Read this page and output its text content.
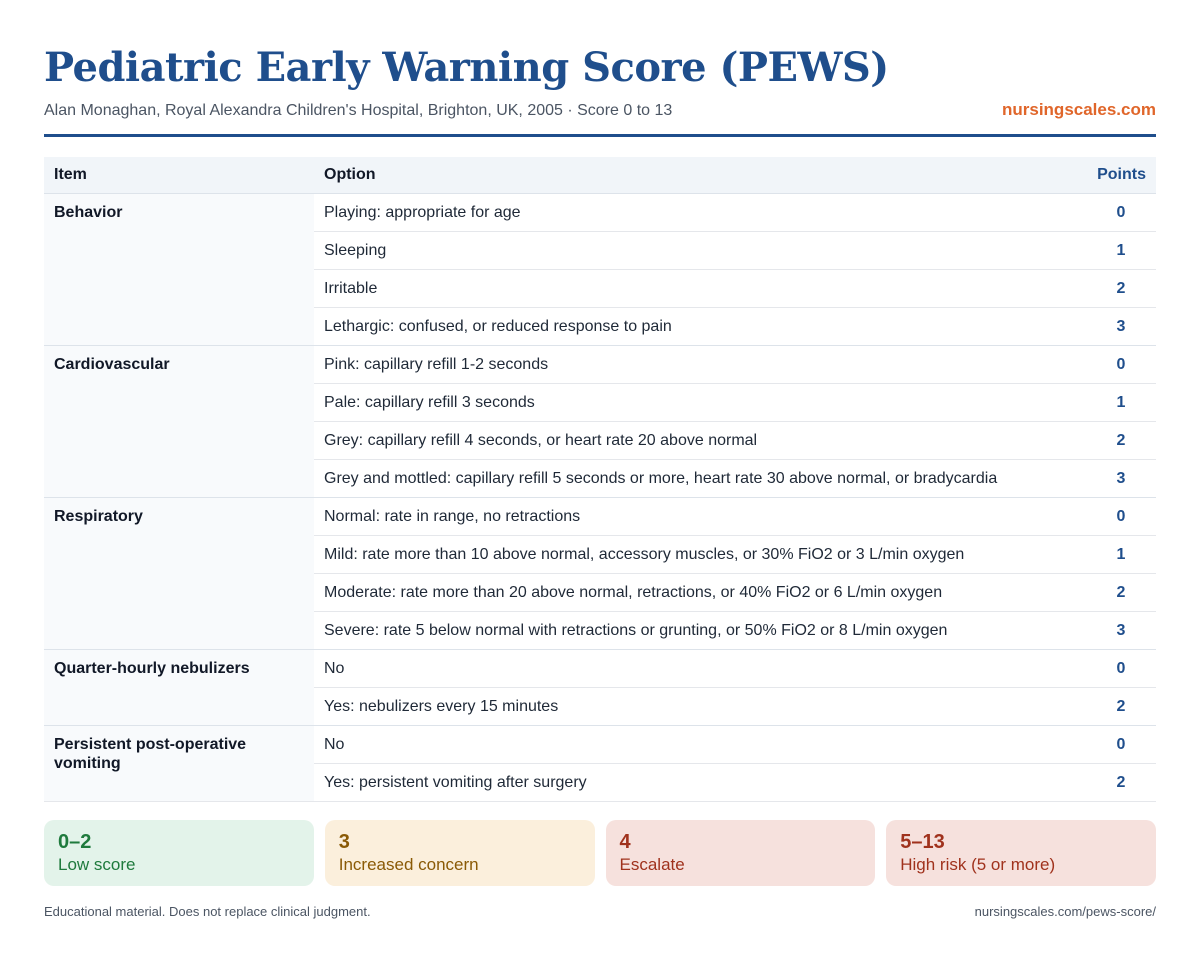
Pediatric Early Warning Score (PEWS)
Alan Monaghan, Royal Alexandra Children's Hospital, Brighton, UK, 2005 · Score 0 to 13	nursingscales.com
Item	Option	Points
Behavior	Playing: appropriate for age	0
	Sleeping	1
	Irritable	2
	Lethargic: confused, or reduced response to pain	3
Cardiovascular	Pink: capillary refill 1-2 seconds	0
	Pale: capillary refill 3 seconds	1
	Grey: capillary refill 4 seconds, or heart rate 20 above normal	2
	Grey and mottled: capillary refill 5 seconds or more, heart rate 30 above normal, or bradycardia	3
Respiratory	Normal: rate in range, no retractions	0
	Mild: rate more than 10 above normal, accessory muscles, or 30% FiO2 or 3 L/min oxygen	1
	Moderate: rate more than 20 above normal, retractions, or 40% FiO2 or 6 L/min oxygen	2
	Severe: rate 5 below normal with retractions or grunting, or 50% FiO2 or 8 L/min oxygen	3
Quarter-hourly nebulizers	No	0
	Yes: nebulizers every 15 minutes	2
Persistent post-operative vomiting	No	0
	Yes: persistent vomiting after surgery	2
0–2
Low score
3
Increased concern
4
Escalate
5–13
High risk (5 or more)
Educational material. Does not replace clinical judgment.	nursingscales.com/pews-score/
